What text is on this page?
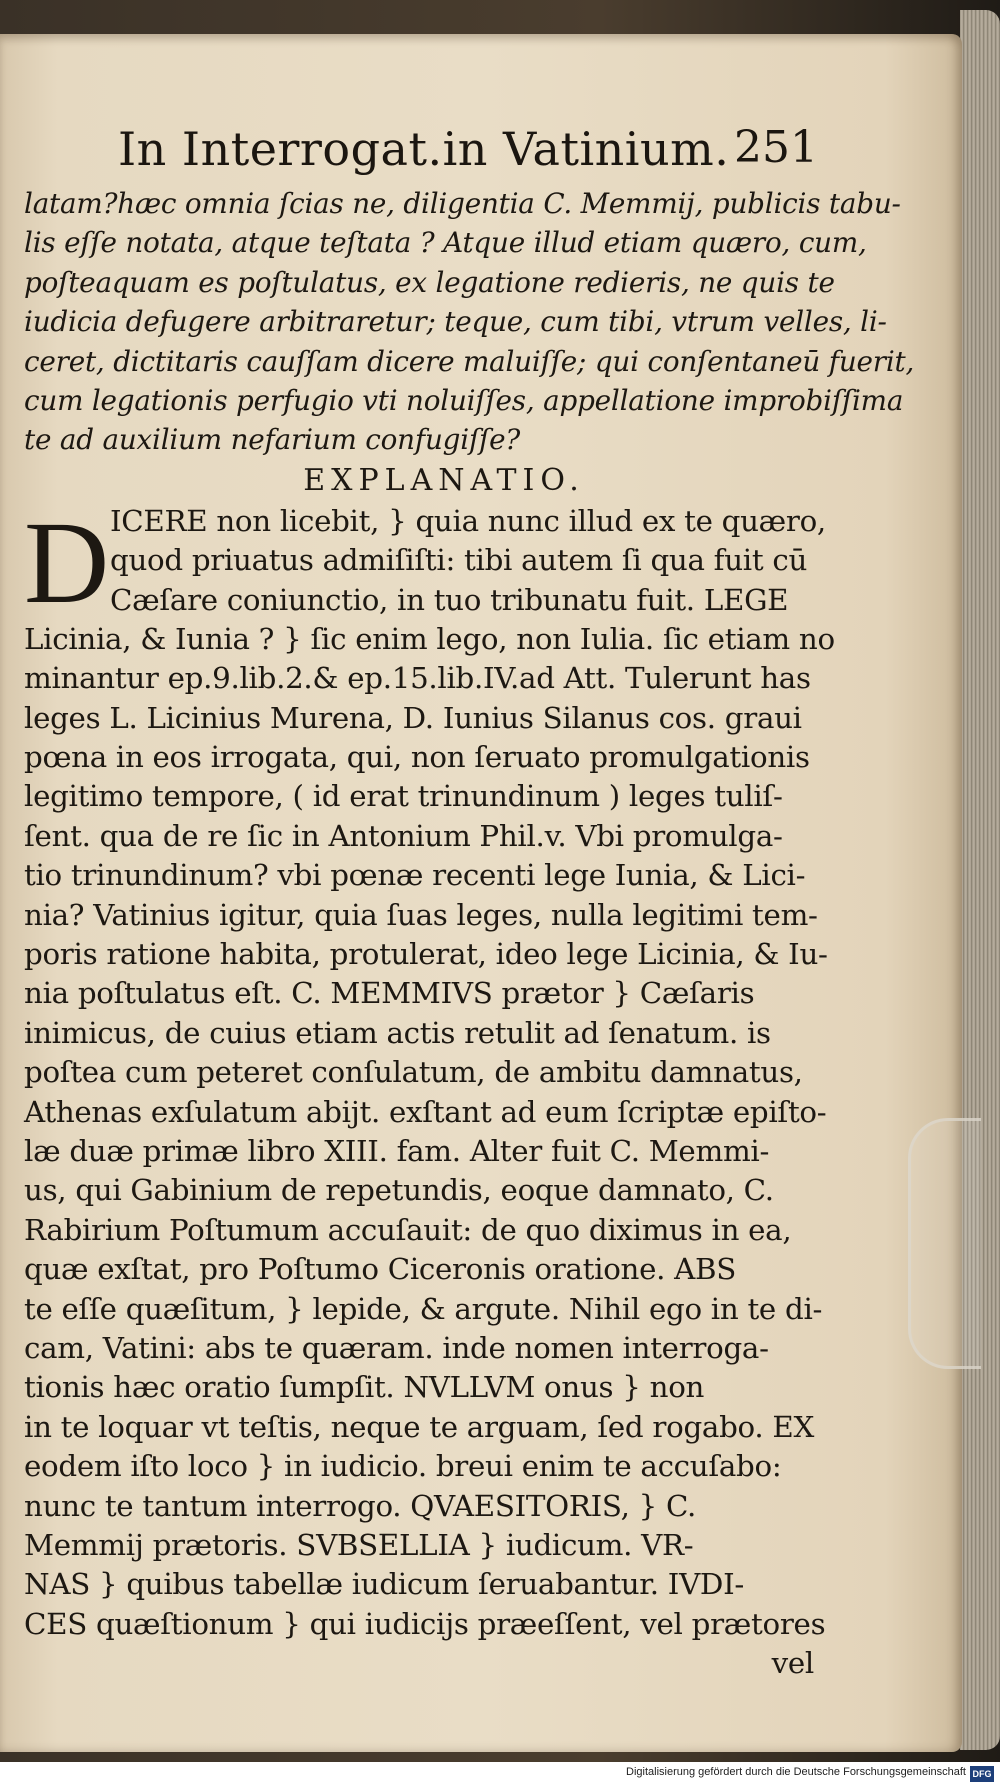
In Interrogat.in Vatinium. 251
latam?hæc omnia ſcias ne, diligentia C. Memmij, publicis tabu-
lis eſſe notata, atque teſtata ? Atque illud etiam quæro, cum,
poſteaquam es poſtulatus, ex legatione redieris, ne quis te
iudicia defugere arbitraretur; teque, cum tibi, vtrum velles, li-
ceret, dictitaris cauſſam dicere maluiſſe; qui conſentaneū fuerit,
cum legationis perfugio vti noluiſſes, appellatione improbiſſima
te ad auxilium nefarium confugiſſe?
EXPLANATIO.
D ICERE non licebit, } quia nunc illud ex te quæro,
quod priuatus admiſiſti: tibi autem ſi qua fuit cū
Cæſare coniunctio, in tuo tribunatu fuit. LEGE
Licinia, & Iunia ? } ſic enim lego, non Iulia. ſic etiam no
minantur ep.9.lib.2.& ep.15.lib.IV.ad Att. Tulerunt has
leges L. Licinius Murena, D. Iunius Silanus cos. graui
pœna in eos irrogata, qui, non ſeruato promulgationis
legitimo tempore, ( id erat trinundinum ) leges tuliſ-
ſent. qua de re ſic in Antonium Phil.v. Vbi promulga-
tio trinundinum? vbi pœnæ recenti lege Iunia, & Lici-
nia? Vatinius igitur, quia ſuas leges, nulla legitimi tem-
poris ratione habita, protulerat, ideo lege Licinia, & Iu-
nia poſtulatus eſt. C. MEMMIVS prætor } Cæſaris
inimicus, de cuius etiam actis retulit ad ſenatum. is
poſtea cum peteret conſulatum, de ambitu damnatus,
Athenas exſulatum abijt. exſtant ad eum ſcriptæ epiſto-
læ duæ primæ libro XIII. fam. Alter fuit C. Memmi-
us, qui Gabinium de repetundis, eoque damnato, C.
Rabirium Poſtumum accuſauit: de quo diximus in ea,
quæ exſtat, pro Poſtumo Ciceronis oratione. ABS
te eſſe quæſitum, } lepide, & argute. Nihil ego in te di-
cam, Vatini: abs te quæram. inde nomen interroga-
tionis hæc oratio ſumpſit. NVLLVM onus } non
in te loquar vt teſtis, neque te arguam, ſed rogabo. EX
eodem iſto loco } in iudicio. breui enim te accuſabo:
nunc te tantum interrogo. QVAESITORIS, } C.
Memmij prætoris. SVBSELLIA } iudicum. VR-
NAS } quibus tabellæ iudicum ſeruabantur. IVDI-
CES quæſtionum } qui iudicijs præeſſent, vel prætores
vel
Digitalisierung gefördert durch die Deutsche Forschungsgemeinschaft DFG
